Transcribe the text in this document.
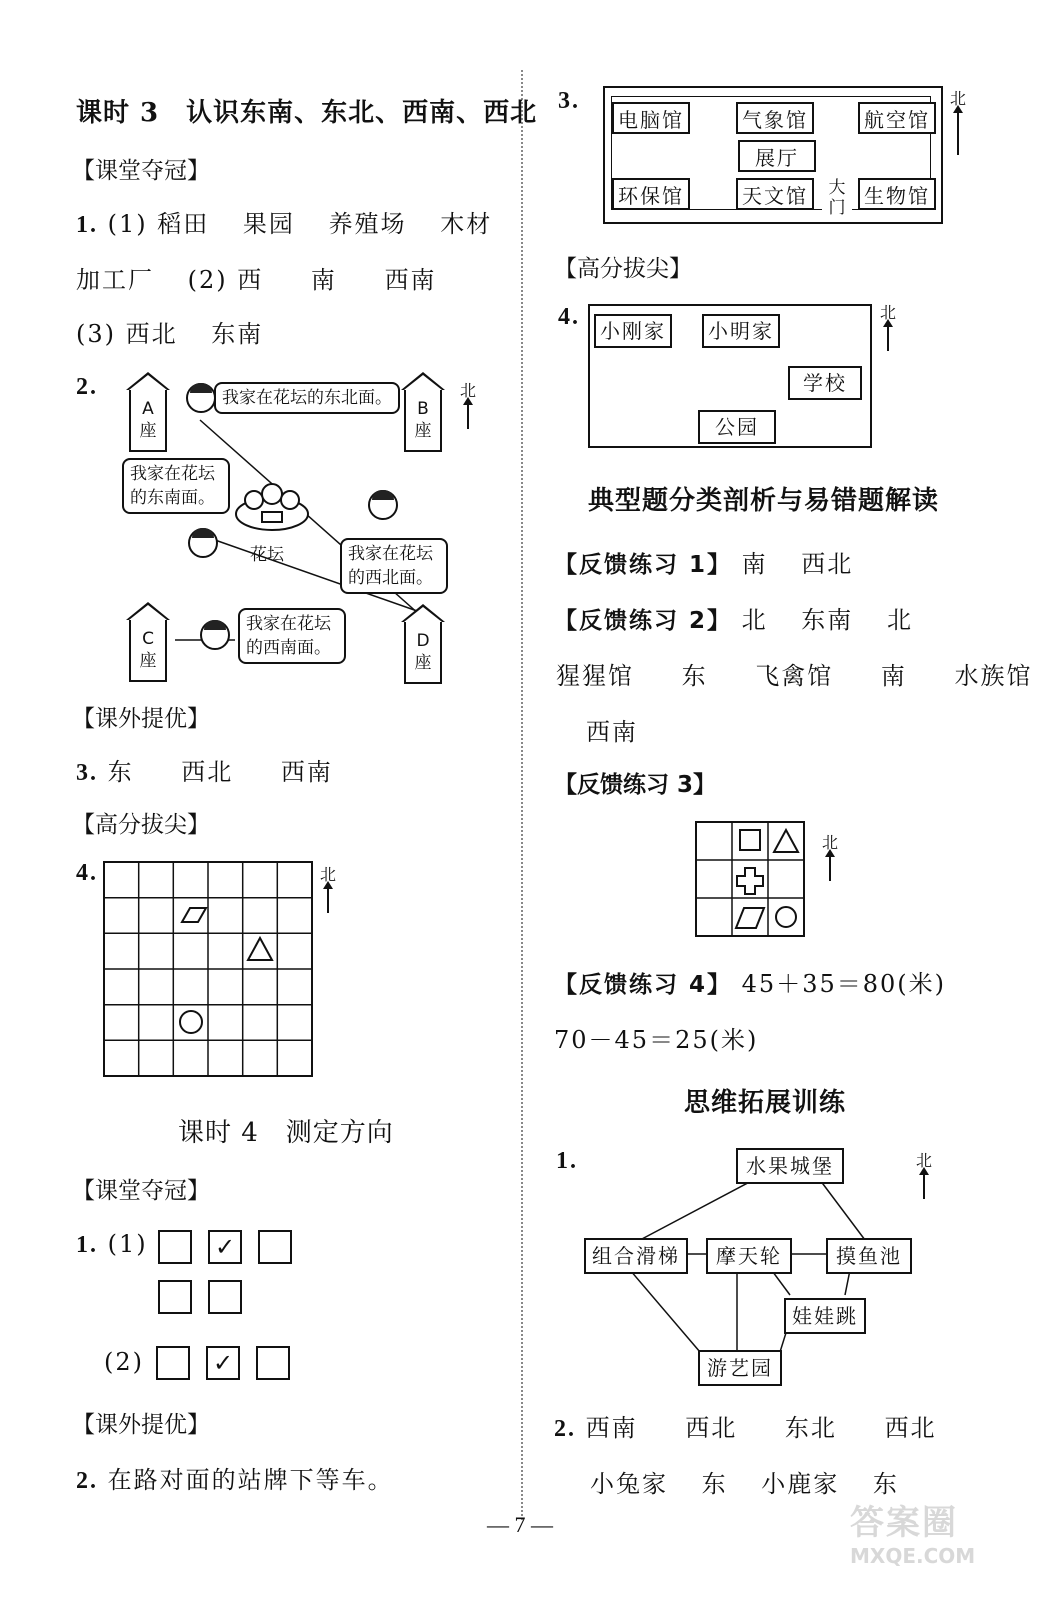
课时 3　认识东南、东北、西南、西北
【课堂夺冠】
1. (1) 稻田 果园 养殖场 木材
加工厂 (2) 西 南 西南
(3) 西北 东南
2.
A
座
B
座
C
座
D
座
我家在花坛的东北面。
我家在花坛的东南面。
我家在花坛的西北面。
我家在花坛的西南面。
花坛
北
【课外提优】
3. 东 西北 西南
【高分拔尖】
4.	北
课时 4　测定方向
【课堂夺冠】
1. (1)	✓
(2)	✓
【课外提优】
2. 在路对面的站牌下等车。
3.
电脑馆	气象馆	航空馆
展厅
环保馆	天文馆	生物馆
大
门
北
【高分拔尖】
4.
小刚家	小明家
学校
公园
北
典型题分类剖析与易错题解读
【反馈练习 1】 南 西北
【反馈练习 2】 北 东南 北
猩猩馆 东 飞禽馆 南 水族馆
西南
【反馈练习 3】
北
【反馈练习 4】 45＋35＝80(米)
70－45＝25(米)
思维拓展训练
1.	水果城堡
组合滑梯	摩天轮	摸鱼池
娃娃跳
游艺园
北
2. 西南 西北 东北 西北
小兔家 东 小鹿家 东
— 7 —	答案圈
MXQE.COM
